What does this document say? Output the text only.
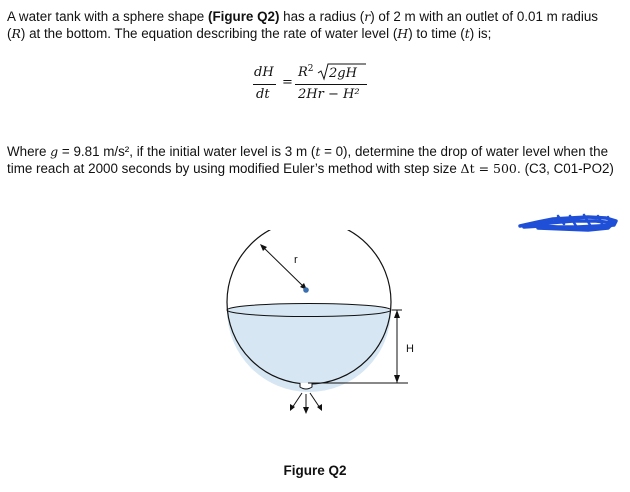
A water tank with a sphere shape (Figure Q2) has a radius (r) of 2 m with an outlet of 0.01 m radius (R) at the bottom. The equation describing the rate of water level (H) to time (t) is;
dH
dt
=
$R^2$ 2gH
2Hr − H²
Where g = 9.81 m/s², if the initial water level is 3 m (t = 0), determine the drop of water level when the time reach at 2000 seconds by using modified Euler’s method with step size Δt = 500. (C3, C01-PO2)
r
H
Figure Q2
